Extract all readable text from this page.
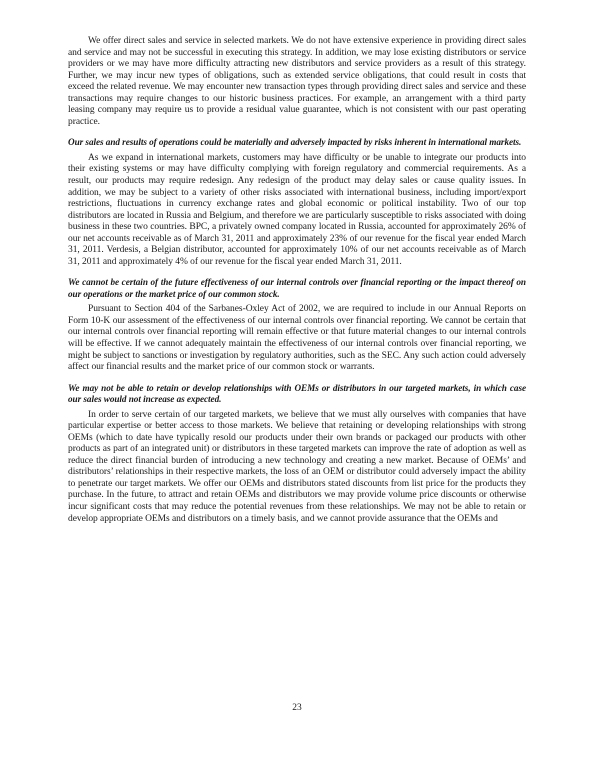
We offer direct sales and service in selected markets. We do not have extensive experience in providing direct sales and service and may not be successful in executing this strategy. In addition, we may lose existing distributors or service providers or we may have more difficulty attracting new distributors and service providers as a result of this strategy. Further, we may incur new types of obligations, such as extended service obligations, that could result in costs that exceed the related revenue. We may encounter new transaction types through providing direct sales and service and these transactions may require changes to our historic business practices. For example, an arrangement with a third party leasing company may require us to provide a residual value guarantee, which is not consistent with our past operating practice.

Our sales and results of operations could be materially and adversely impacted by risks inherent in international markets.

As we expand in international markets, customers may have difficulty or be unable to integrate our products into their existing systems or may have difficulty complying with foreign regulatory and commercial requirements. As a result, our products may require redesign. Any redesign of the product may delay sales or cause quality issues. In addition, we may be subject to a variety of other risks associated with international business, including import/export restrictions, fluctuations in currency exchange rates and global economic or political instability. Two of our top distributors are located in Russia and Belgium, and therefore we are particularly susceptible to risks associated with doing business in these two countries. BPC, a privately owned company located in Russia, accounted for approximately 26% of our net accounts receivable as of March 31, 2011 and approximately 23% of our revenue for the fiscal year ended March 31, 2011. Verdesis, a Belgian distributor, accounted for approximately 10% of our net accounts receivable as of March 31, 2011 and approximately 4% of our revenue for the fiscal year ended March 31, 2011.

We cannot be certain of the future effectiveness of our internal controls over financial reporting or the impact thereof on our operations or the market price of our common stock.

Pursuant to Section 404 of the Sarbanes-Oxley Act of 2002, we are required to include in our Annual Reports on Form 10-K our assessment of the effectiveness of our internal controls over financial reporting. We cannot be certain that our internal controls over financial reporting will remain effective or that future material changes to our internal controls will be effective. If we cannot adequately maintain the effectiveness of our internal controls over financial reporting, we might be subject to sanctions or investigation by regulatory authorities, such as the SEC. Any such action could adversely affect our financial results and the market price of our common stock or warrants.

We may not be able to retain or develop relationships with OEMs or distributors in our targeted markets, in which case our sales would not increase as expected.

In order to serve certain of our targeted markets, we believe that we must ally ourselves with companies that have particular expertise or better access to those markets. We believe that retaining or developing relationships with strong OEMs (which to date have typically resold our products under their own brands or packaged our products with other products as part of an integrated unit) or distributors in these targeted markets can improve the rate of adoption as well as reduce the direct financial burden of introducing a new technology and creating a new market. Because of OEMs’ and distributors’ relationships in their respective markets, the loss of an OEM or distributor could adversely impact the ability to penetrate our target markets. We offer our OEMs and distributors stated discounts from list price for the products they purchase. In the future, to attract and retain OEMs and distributors we may provide volume price discounts or otherwise incur significant costs that may reduce the potential revenues from these relationships. We may not be able to retain or develop appropriate OEMs and distributors on a timely basis, and we cannot provide assurance that the OEMs and

23
